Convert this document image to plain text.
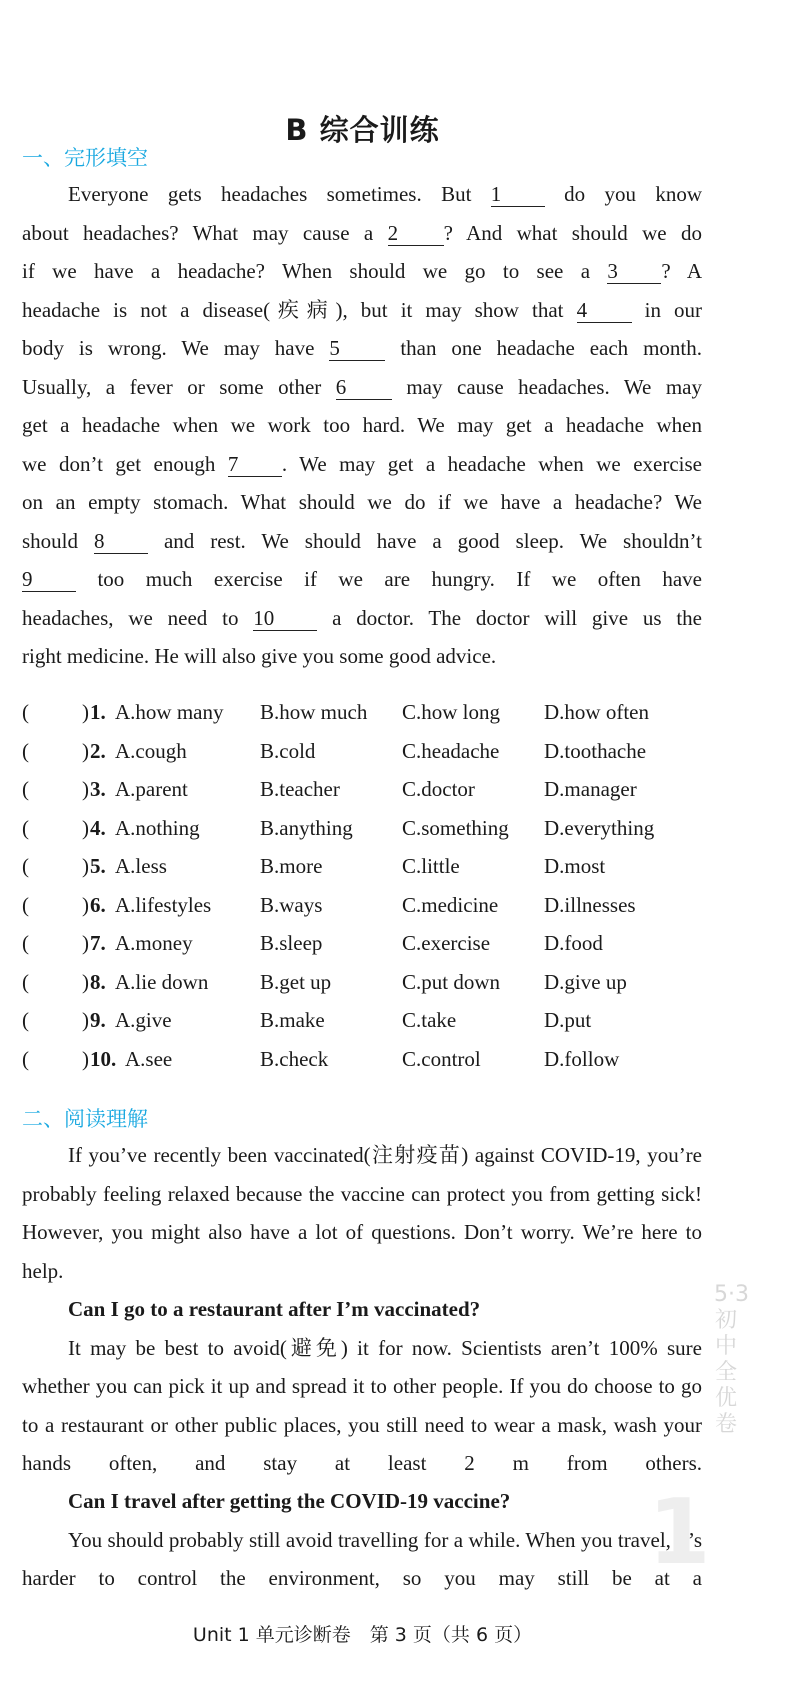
B 综合训练
一、完形填空
Everyone gets headaches sometimes. But 1 do you know
about headaches? What may cause a 2 ? And what should we do
if we have a headache? When should we go to see a 3 ? A
headache is not a disease(疾病), but it may show that 4 in our
body is wrong. We may have 5 than one headache each month.
Usually, a fever or some other 6 may cause headaches. We may
get a headache when we work too hard. We may get a headache when
we don’t get enough 7 . We may get a headache when we exercise
on an empty stomach. What should we do if we have a headache? We
should 8 and rest. We should have a good sleep. We shouldn’t
9 too much exercise if we are hungry. If we often have
headaches, we need to 10 a doctor. The doctor will give us the
right medicine. He will also give you some good advice.
(	) 1. A.how many B.how much C.how long D.how often
(	) 2. A.cough	B.cold	C.headache D.toothache
(	) 3. A.parent	B.teacher	C.doctor	D.manager
(	) 4. A.nothing	B.anything C.something D.everything
(	) 5. A.less	B.more	C.little	D.most
(	) 6. A.lifestyles B.ways	C.medicine D.illnesses
(	) 7. A.money	B.sleep	C.exercise	D.food
(	) 8. A.lie down B.get up	C.put down D.give up
(	) 9. A.give	B.make	C.take	D.put
(	) 10. A.see	B.check	C.control	D.follow
二、阅读理解
If you’ve recently been vaccinated(注射疫苗) against COVID-19, you’re probably feeling relaxed because the vaccine can protect you from getting sick! However, you might also have a lot of questions. Don’t worry. We’re here to help.
Can I go to a restaurant after I’m vaccinated?
It may be best to avoid(避免) it for now. Scientists aren’t 100% sure whether you can pick it up and spread it to other people. If you do choose to go to a restaurant or other public places, you still need to wear a mask, wash your hands often, and stay at least 2 m from others.
Can I travel after getting the COVID-19 vaccine?
You should probably still avoid travelling for a while. When you travel, it’s harder to control the environment, so you may still be at a
1
5·3初中全优卷
Unit 1 单元诊断卷　第 3 页（共 6 页）
